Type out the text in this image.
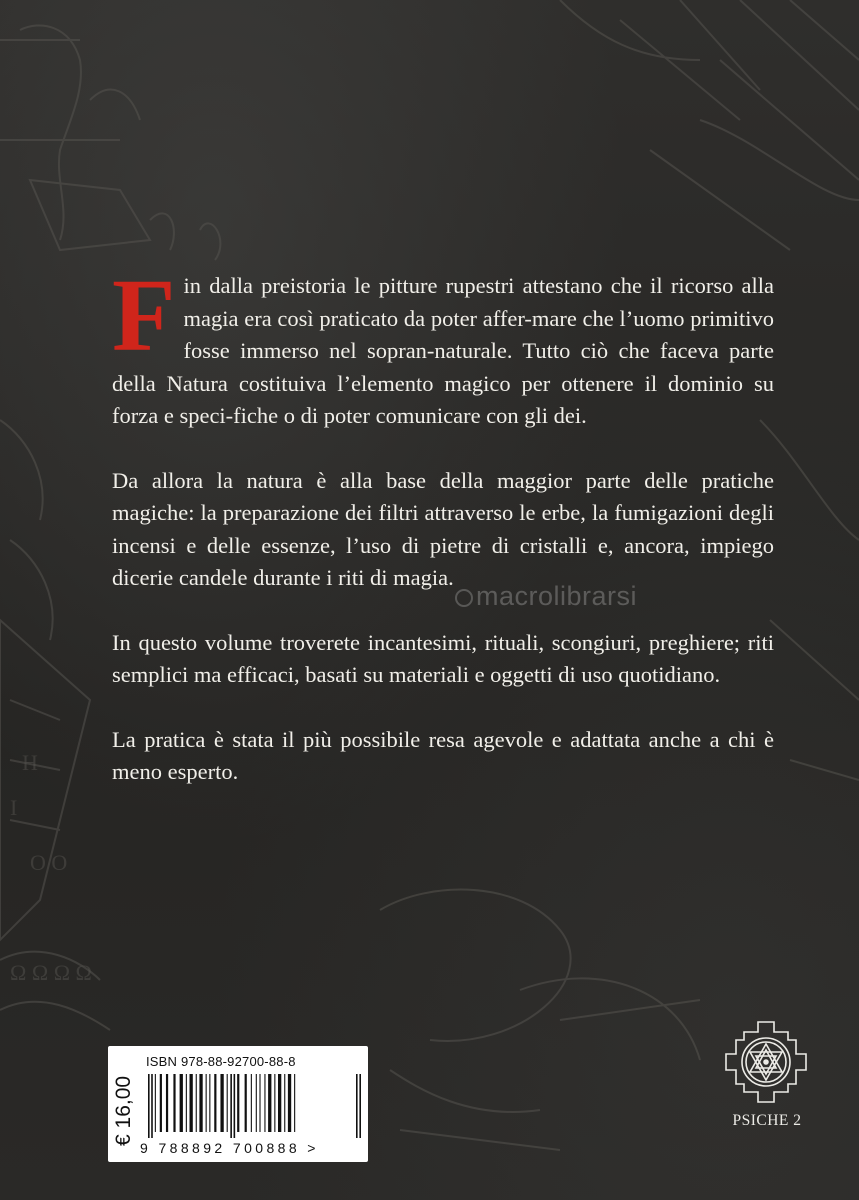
H
I
O O
Ω Ω Ω Ω

Fin dalla preistoria le pitture rupestri attestano che il ricorso alla magia era così praticato da poter affer-mare che l’uomo primitivo fosse immerso nel sopran-naturale. Tutto ciò che faceva parte della Natura costituiva l’elemento magico per ottenere il dominio su forza e speci-fiche o di poter comunicare con gli dei.

Da allora la natura è alla base della maggior parte delle pratiche magiche: la preparazione dei filtri attraverso le erbe, la fumigazioni degli incensi e delle essenze, l’uso di pietre di cristalli e, ancora, impiego dicerie candele durante i riti di magia.

In questo volume troverete incantesimi, rituali, scongiuri, preghiere; riti semplici ma efficaci, basati su materiali e oggetti di uso quotidiano.

La pratica è stata il più possibile resa agevole e adattata anche a chi è meno esperto.

macrolibrarsi
€ 16,00
ISBN 978-88-92700-88-8
9 788892 700888 >
PSICHE 2
